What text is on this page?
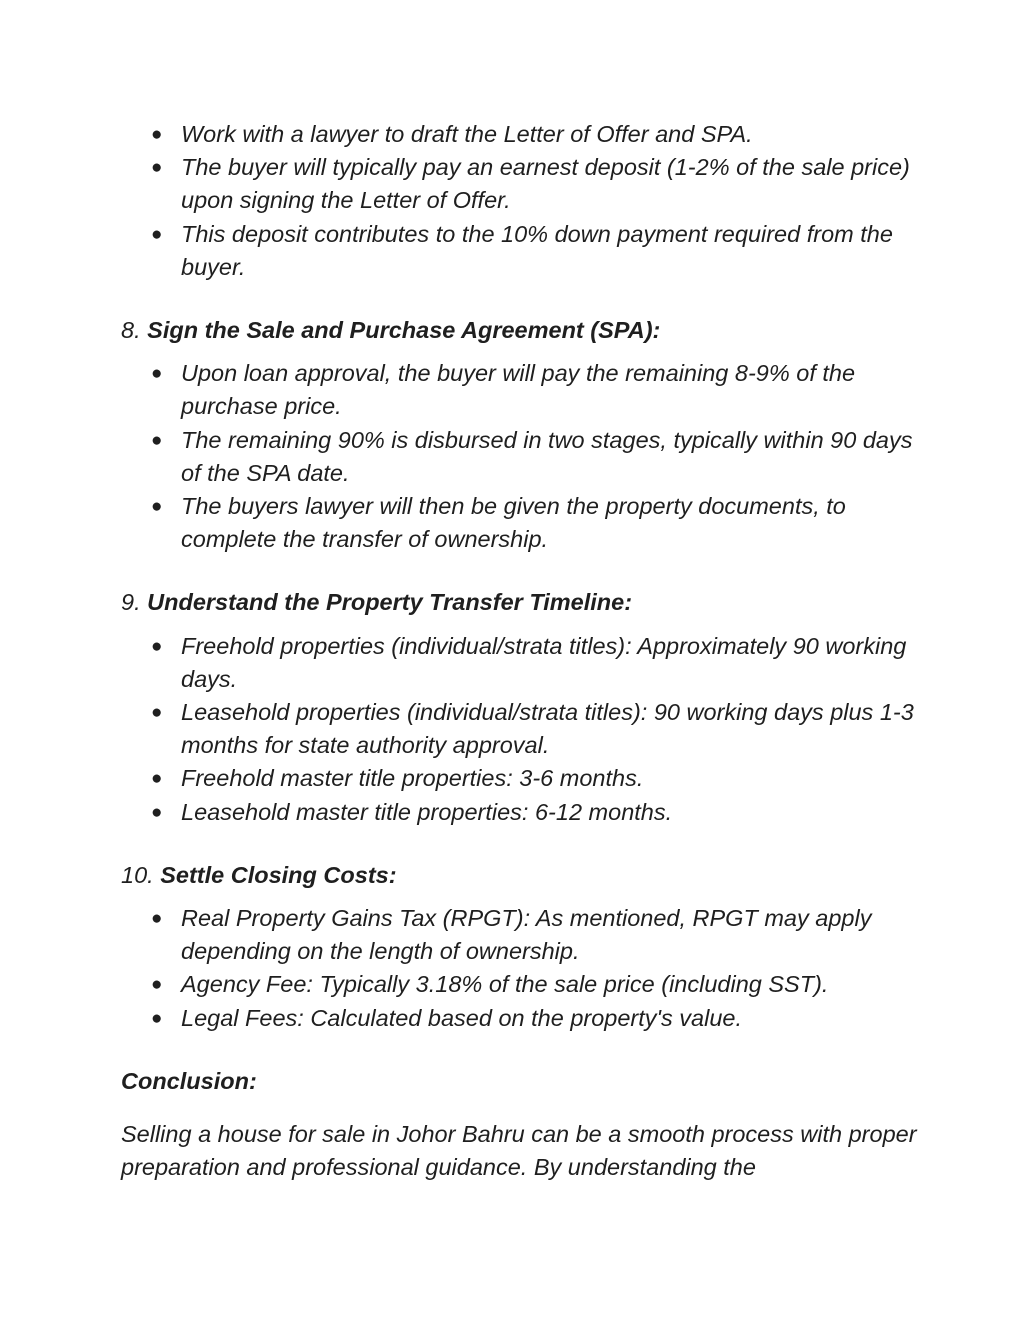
● Work with a lawyer to draft the Letter of Offer and SPA.
● The buyer will typically pay an earnest deposit (1-2% of the sale price) upon signing the Letter of Offer.
● This deposit contributes to the 10% down payment required from the buyer.
8. Sign the Sale and Purchase Agreement (SPA):
● Upon loan approval, the buyer will pay the remaining 8-9% of the purchase price.
● The remaining 90% is disbursed in two stages, typically within 90 days of the SPA date.
● The buyers lawyer will then be given the property documents, to complete the transfer of ownership.
9. Understand the Property Transfer Timeline:
● Freehold properties (individual/strata titles): Approximately 90 working days.
● Leasehold properties (individual/strata titles): 90 working days plus 1-3 months for state authority approval.
● Freehold master title properties: 3-6 months.
● Leasehold master title properties: 6-12 months.
10. Settle Closing Costs:
● Real Property Gains Tax (RPGT): As mentioned, RPGT may apply depending on the length of ownership.
● Agency Fee: Typically 3.18% of the sale price (including SST).
● Legal Fees: Calculated based on the property's value.
Conclusion:

Selling a house for sale in Johor Bahru can be a smooth process with proper preparation and professional guidance. By understanding the
